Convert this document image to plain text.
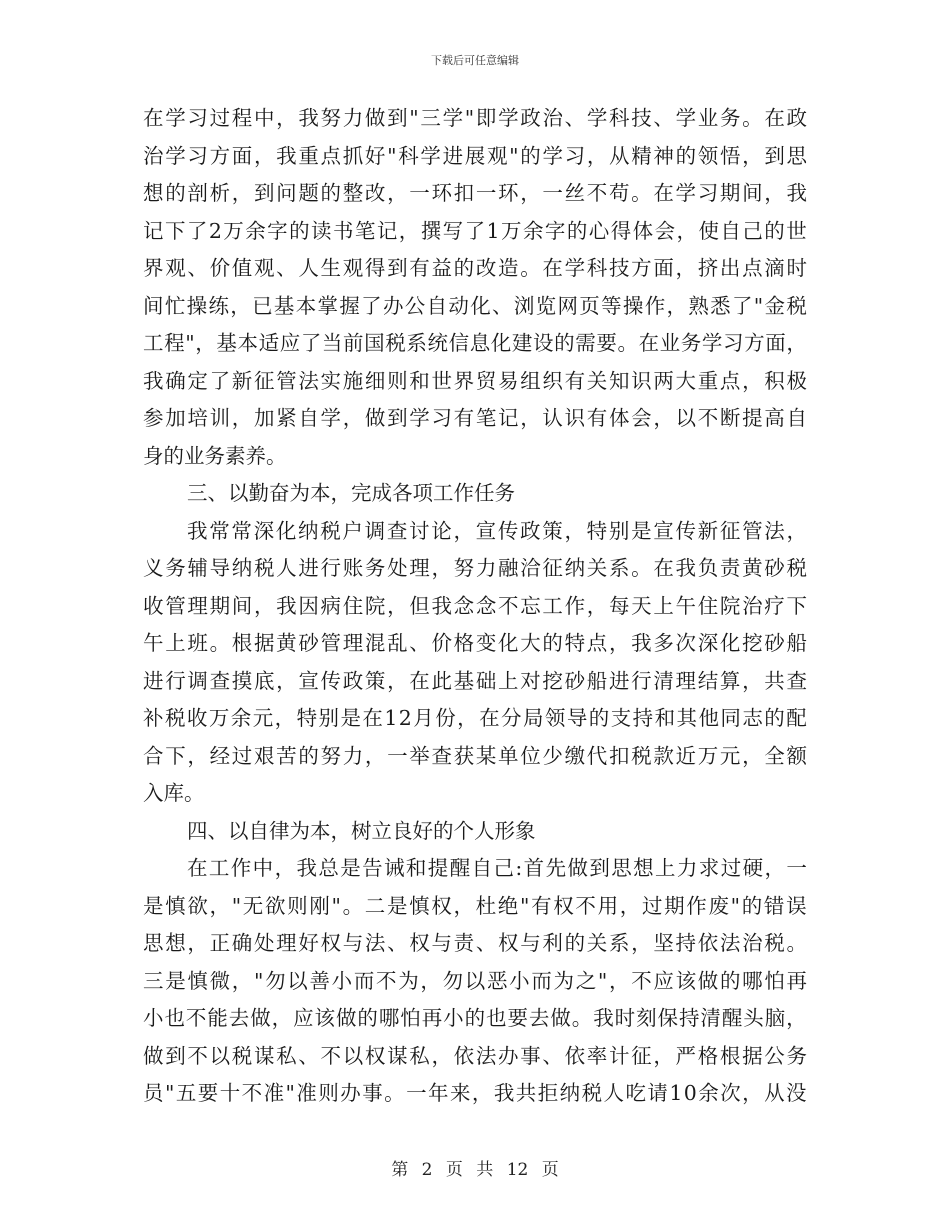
下载后可任意编辑
在 学 习 过 程 中 ， 我 努 力 做 到 " 三 学 " 即 学 政 治 、 学 科 技 、 学 业 务 。 在 政
治 学 习 方 面 ， 我 重 点 抓 好 " 科 学 进 展 观 " 的 学 习 ， 从 精 神 的 领 悟 ， 到 思
想 的 剖 析 ， 到 问 题 的 整 改 ， 一 环 扣 一 环 ， 一 丝 不 苟 。 在 学 习 期 间 ， 我
记 下 了 2 万 余 字 的 读 书 笔 记 ， 撰 写 了 1 万 余 字 的 心 得 体 会 ， 使 自 己 的 世
界 观 、 价 值 观 、 人 生 观 得 到 有 益 的 改 造 。 在 学 科 技 方 面 ， 挤 出 点 滴 时
间 忙 操 练 ， 已 基 本 掌 握 了 办 公 自 动 化 、 浏 览 网 页 等 操 作 ， 熟 悉 了 " 金 税
工 程 " ， 基 本 适 应 了 当 前 国 税 系 统 信 息 化 建 设 的 需 要 。 在 业 务 学 习 方 面 ，
我 确 定 了 新 征 管 法 实 施 细 则 和 世 界 贸 易 组 织 有 关 知 识 两 大 重 点 ， 积 极
参 加 培 训 ， 加 紧 自 学 ， 做 到 学 习 有 笔 记 ， 认 识 有 体 会 ， 以 不 断 提 高 自
身的业务素养。
三、以勤奋为本，完成各项工作任务
我 常 常 深 化 纳 税 户 调 查 讨 论 ， 宣 传 政 策 ， 特 别 是 宣 传 新 征 管 法 ，
义 务 辅 导 纳 税 人 进 行 账 务 处 理 ， 努 力 融 洽 征 纳 关 系 。 在 我 负 责 黄 砂 税
收 管 理 期 间 ， 我 因 病 住 院 ， 但 我 念 念 不 忘 工 作 ， 每 天 上 午 住 院 治 疗 下
午 上 班 。 根 据 黄 砂 管 理 混 乱 、 价 格 变 化 大 的 特 点 ， 我 多 次 深 化 挖 砂 船
进 行 调 查 摸 底 ， 宣 传 政 策 ， 在 此 基 础 上 对 挖 砂 船 进 行 清 理 结 算 ， 共 查
补 税 收 万 余 元 ， 特 别 是 在 1 2 月 份 ， 在 分 局 领 导 的 支 持 和 其 他 同 志 的 配
合 下 ， 经 过 艰 苦 的 努 力 ， 一 举 查 获 某 单 位 少 缴 代 扣 税 款 近 万 元 ， 全 额
入库。
四、以自律为本，树立良好的个人形象
在 工 作 中 ， 我 总 是 告 诫 和 提 醒 自 己 : 首 先 做 到 思 想 上 力 求 过 硬 ， 一
是 慎 欲 ， " 无 欲 则 刚 " 。 二 是 慎 权 ， 杜 绝 " 有 权 不 用 ， 过 期 作 废 " 的 错 误
思 想 ， 正 确 处 理 好 权 与 法 、 权 与 责 、 权 与 利 的 关 系 ， 坚 持 依 法 治 税 。
三 是 慎 微 ， " 勿 以 善 小 而 不 为 ， 勿 以 恶 小 而 为 之 " ， 不 应 该 做 的 哪 怕 再
小 也 不 能 去 做 ， 应 该 做 的 哪 怕 再 小 的 也 要 去 做 。 我 时 刻 保 持 清 醒 头 脑 ，
做 到 不 以 税 谋 私 、 不 以 权 谋 私 ， 依 法 办 事 、 依 率 计 征 ， 严 格 根 据 公 务
员 " 五 要 十 不 准 " 准 则 办 事 。 一 年 来 ， 我 共 拒 纳 税 人 吃 请 1 0 余 次 ， 从 没
第 2 页 共 12 页
